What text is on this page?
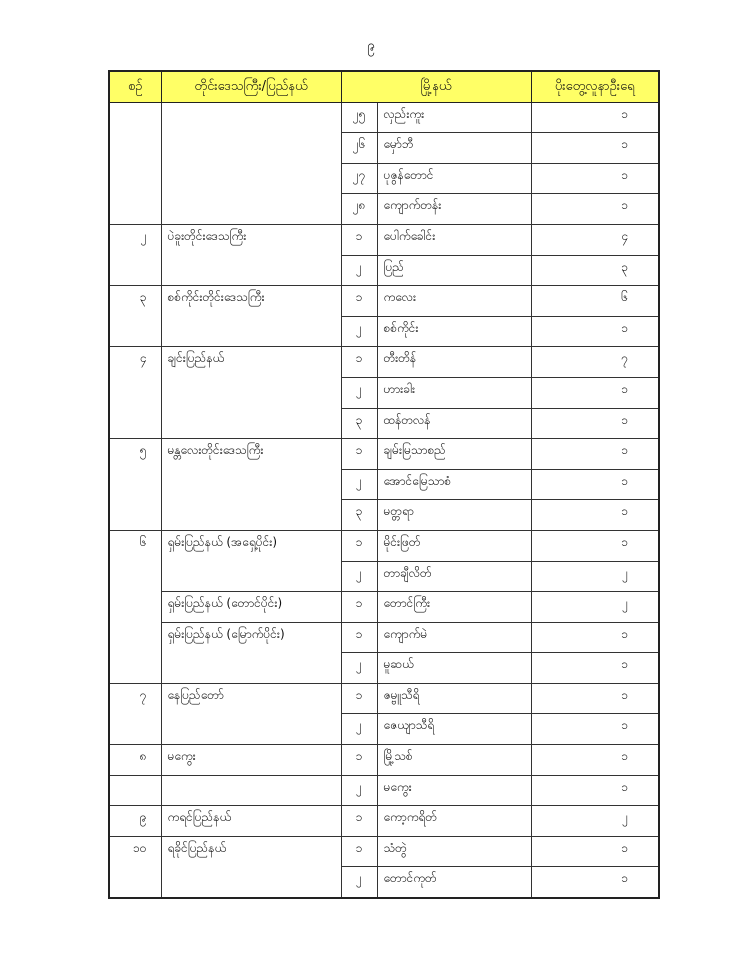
၉
စဉ်	တိုင်းဒေသကြီး/ပြည်နယ်	မြို့နယ်		ပိုးတွေ့လူနာဦးရေ
		၂၅	လှည်းကူး	၁
		၂၆	မှော်ဘီ	၁
		၂၇	ပုဇွန်တောင်	၁
		၂၈	ကျောက်တန်း	၁
၂	ပဲခူးတိုင်းဒေသကြီး	၁	ပေါက်ခေါင်း	၄
		၂	ပြည်	၃
၃	စစ်ကိုင်းတိုင်းဒေသကြီး	၁	ကလေး	၆
		၂	စစ်ကိုင်း	၁
၄	ချင်းပြည်နယ်	၁	တီးတိန်	၇
		၂	ဟားခါး	၁
		၃	ထန်တလန်	၁
၅	မန္တလေးတိုင်းဒေသကြီး	၁	ချမ်းမြသာစည်	၁
		၂	အောင်မြေသာစံ	၁
		၃	မတ္တရာ	၁
၆	ရှမ်းပြည်နယ် (အရှေ့ပိုင်း)	၁	မိုင်းဖြတ်	၁
		၂	တာချီလိတ်	၂
	ရှမ်းပြည်နယ် (တောင်ပိုင်း)	၁	တောင်ကြီး	၂
	ရှမ်းပြည်နယ် (မြောက်ပိုင်း)	၁	ကျောက်မဲ	၁
		၂	မူဆယ်	၁
၇	နေပြည်တော်	၁	ဇမ္ဗူသီရိ	၁
		၂	ဇေယျာသီရိ	၁
၈	မကွေး	၁	မြို့သစ်	၁
		၂	မကွေး	၁
၉	ကရင်ပြည်နယ်	၁	ကော့ကရိတ်	၂
၁၀	ရခိုင်ပြည်နယ်	၁	သံတွဲ	၁
		၂	တောင်ကုတ်	၁
